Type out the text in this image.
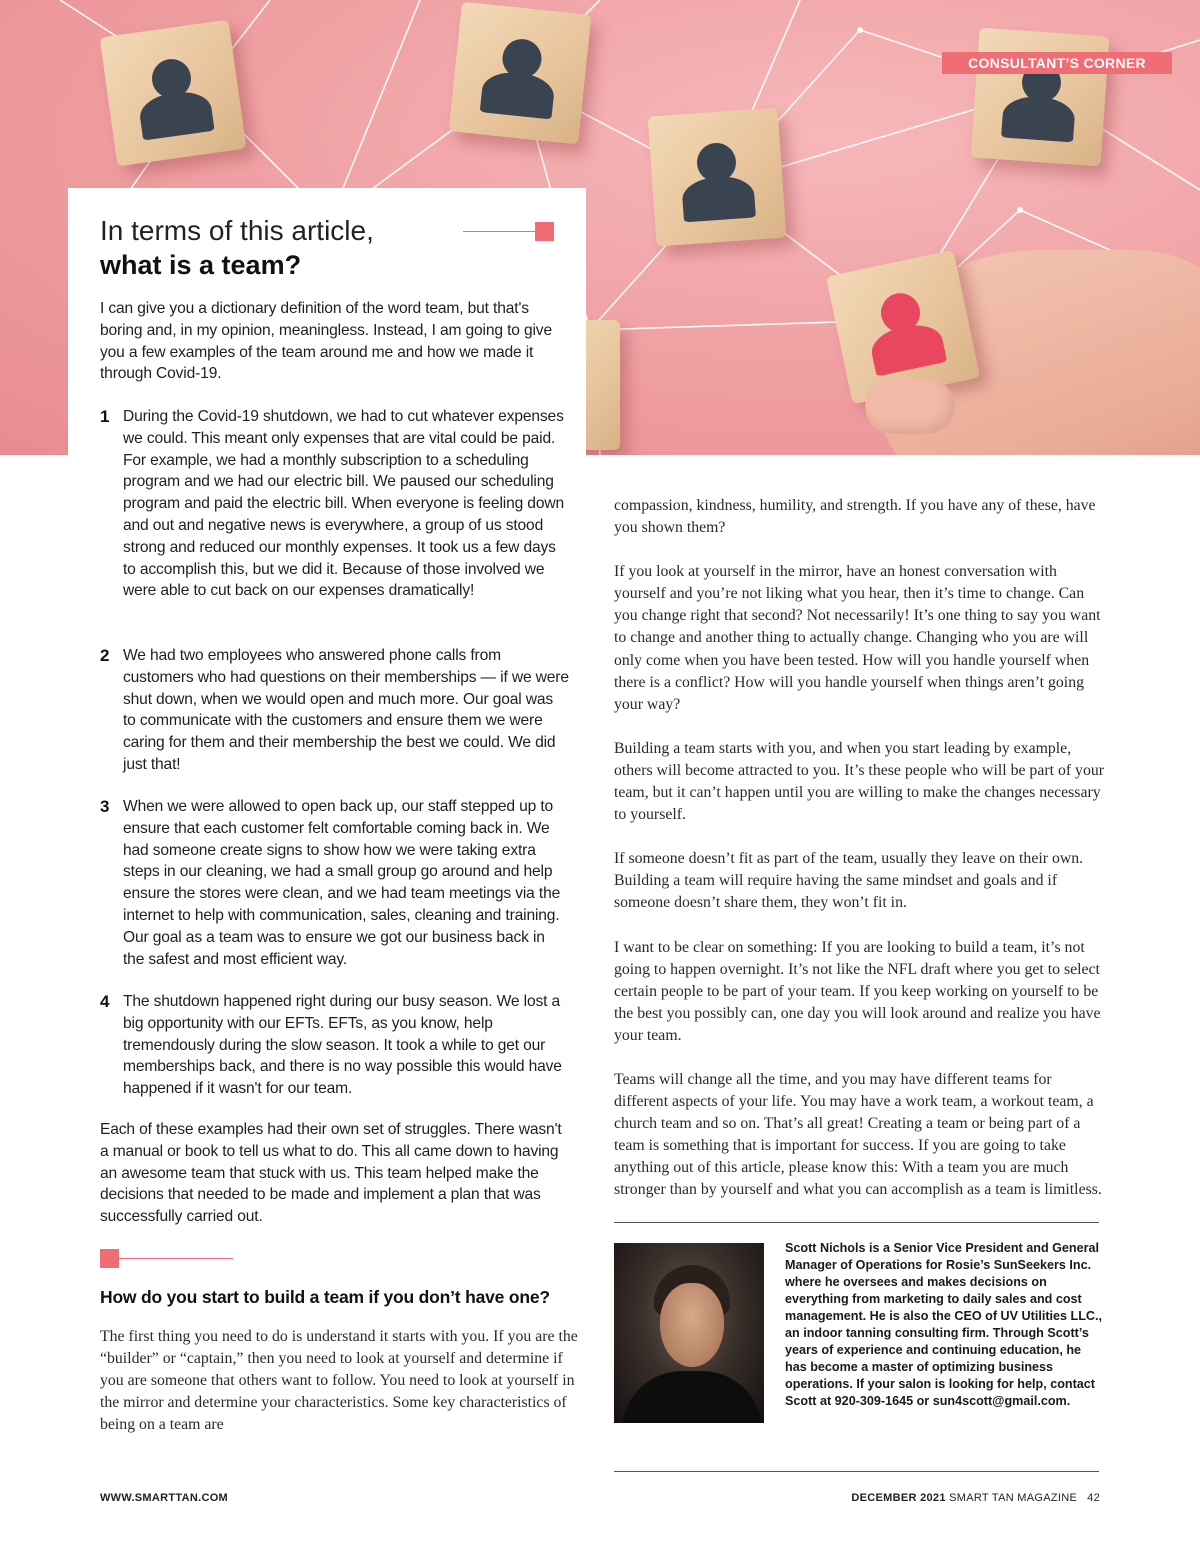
CONSULTANT’S CORNER
In terms of this article,
what is a team?

I can give you a dictionary definition of the word team, but that's boring and, in my opinion, meaningless. Instead, I am going to give you a few examples of the team around me and how we made it through Covid-19.

1 During the Covid-19 shutdown, we had to cut whatever expenses we could. This meant only expenses that are vital could be paid. For example, we had a monthly subscription to a scheduling program and we had our electric bill. We paused our scheduling program and paid the electric bill. When everyone is feeling down and out and negative news is everywhere, a group of us stood strong and reduced our monthly expenses. It took us a few days to accomplish this, but we did it. Because of those involved we were able to cut back on our expenses dramatically!

2 We had two employees who answered phone calls from customers who had questions on their memberships — if we were shut down, when we would open and much more. Our goal was to communicate with the customers and ensure them we were caring for them and their membership the best we could. We did just that!

3 When we were allowed to open back up, our staff stepped up to ensure that each customer felt comfortable coming back in. We had someone create signs to show how we were taking extra steps in our cleaning, we had a small group go around and help ensure the stores were clean, and we had team meetings via the internet to help with communication, sales, cleaning and training. Our goal as a team was to ensure we got our business back in the safest and most efficient way.

4 The shutdown happened right during our busy season. We lost a big opportunity with our EFTs. EFTs, as you know, help tremendously during the slow season. It took a while to get our memberships back, and there is no way possible this would have happened if it wasn't for our team.

Each of these examples had their own set of struggles. There wasn't a manual or book to tell us what to do. This all came down to having an awesome team that stuck with us. This team helped make the decisions that needed to be made and implement a plan that was successfully carried out.

How do you start to build a team if you don’t have one?

The first thing you need to do is understand it starts with you. If you are the “builder” or “captain,” then you need to look at yourself and determine if you are someone that others want to follow. You need to look at yourself in the mirror and determine your characteristics. Some key characteristics of being on a team are

compassion, kindness, humility, and strength. If you have any of these, have you shown them?

If you look at yourself in the mirror, have an honest conversation with yourself and you’re not liking what you hear, then it’s time to change. Can you change right that second? Not necessarily! It’s one thing to say you want to change and another thing to actually change. Changing who you are will only come when you have been tested. How will you handle yourself when there is a conflict? How will you handle yourself when things aren’t going your way?

Building a team starts with you, and when you start leading by example, others will become attracted to you. It’s these people who will be part of your team, but it can’t happen until you are willing to make the changes necessary to yourself.

If someone doesn’t fit as part of the team, usually they leave on their own. Building a team will require having the same mindset and goals and if someone doesn’t share them, they won’t fit in.

I want to be clear on something: If you are looking to build a team, it’s not going to happen overnight. It’s not like the NFL draft where you get to select certain people to be part of your team. If you keep working on yourself to be the best you possibly can, one day you will look around and realize you have your team.

Teams will change all the time, and you may have different teams for different aspects of your life. You may have a work team, a workout team, a church team and so on. That’s all great! Creating a team or being part of a team is something that is important for success. If you are going to take anything out of this article, please know this: With a team you are much stronger than by yourself and what you can accomplish as a team is limitless.

Scott Nichols is a Senior Vice President and General Manager of Operations for Rosie’s SunSeekers Inc. where he oversees and makes decisions on everything from marketing to daily sales and cost management. He is also the CEO of UV Utilities LLC., an indoor tanning consulting firm. Through Scott’s years of experience and continuing education, he has become a master of optimizing business operations. If your salon is looking for help, contact Scott at 920-309-1645 or sun4scott@gmail.com.

WWW.SMARTTAN.COM	DECEMBER 2021 SMART TAN MAGAZINE 42
